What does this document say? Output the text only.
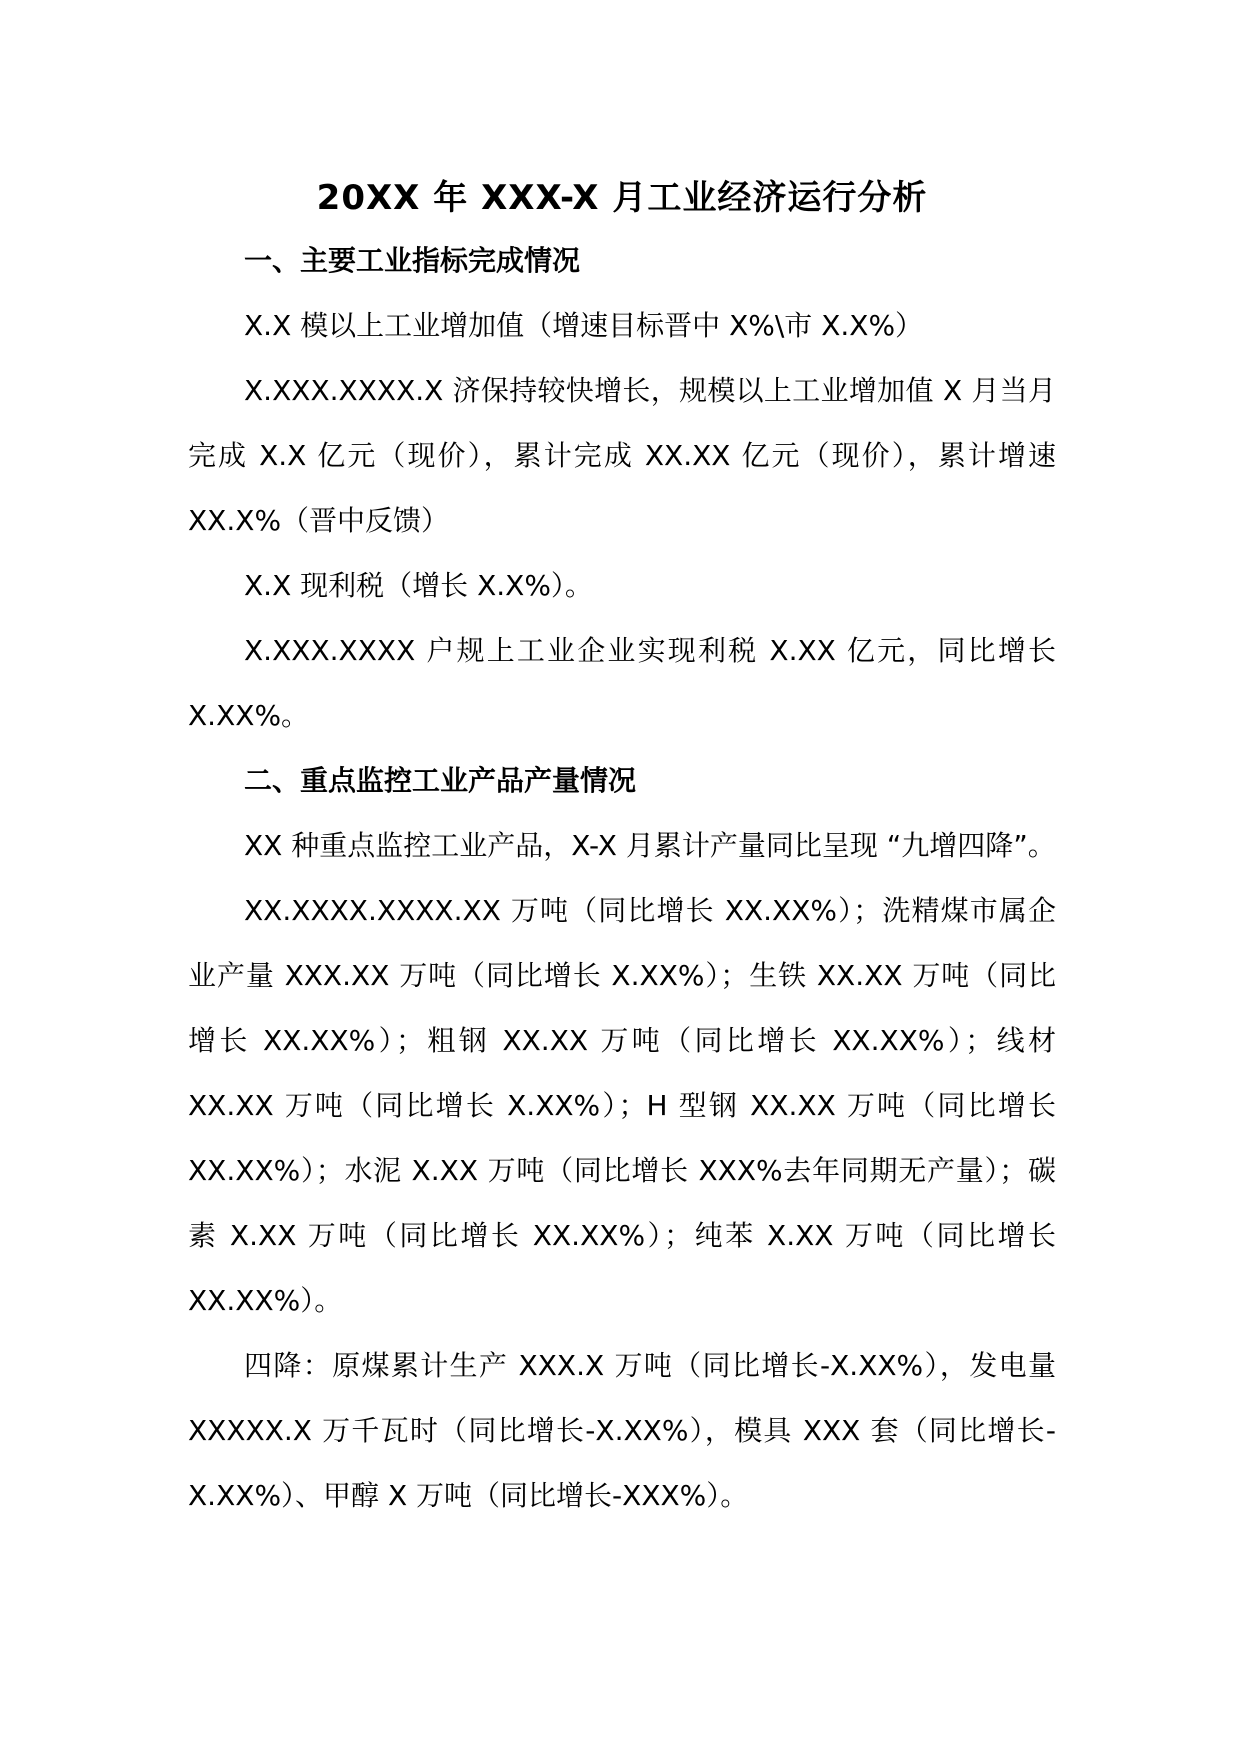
20XX 年 XXX-X 月工业经济运行分析
一、主要工业指标完成情况

X.X 模以上工业增加值（增速目标晋中 X%\市 X.X%）

X.XXX.XXXX.X 济保持较快增长，规模以上工业增加值 X 月当月完成 X.X 亿元（现价），累计完成 XX.XX 亿元（现价），累计增速 XX.X%（晋中反馈）

X.X 现利税（增长 X.X%）。

X.XXX.XXXX 户规上工业企业实现利税 X.XX 亿元，同比增长 X.XX%。

二、重点监控工业产品产量情况

XX 种重点监控工业产品，X-X 月累计产量同比呈现 “九增四降”。

XX.XXXX.XXXX.XX 万吨（同比增长 XX.XX%）；洗精煤市属企业产量 XXX.XX 万吨（同比增长 X.XX%）；生铁 XX.XX 万吨（同比增长 XX.XX%）；粗钢 XX.XX 万吨（同比增长 XX.XX%）；线材 XX.XX 万吨（同比增长 X.XX%）；H 型钢 XX.XX 万吨（同比增长 XX.XX%）；水泥 X.XX 万吨（同比增长 XXX%去年同期无产量）；碳素 X.XX 万吨（同比增长 XX.XX%）；纯苯 X.XX 万吨（同比增长 XX.XX%）。

四降：原煤累计生产 XXX.X 万吨（同比增长-X.XX%），发电量 XXXXX.X 万千瓦时（同比增长-X.XX%），模具 XXX 套（同比增长-X.XX%）、甲醇 X 万吨（同比增长-XXX%）。
